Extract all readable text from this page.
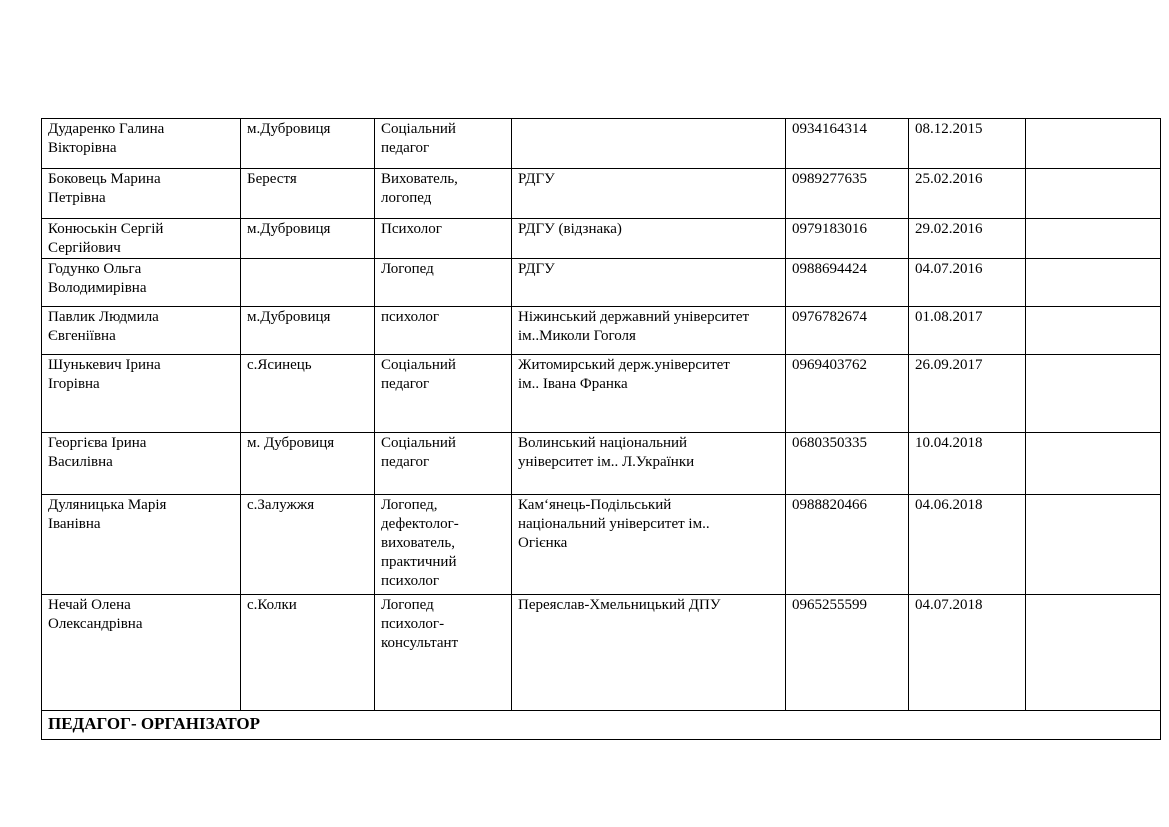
Дударенко Галина
Вікторівна	м.Дубровиця	Соціальний
педагог		0934164314	08.12.2015	
Боковець Марина
Петрівна	Берестя	Вихователь,
логопед	РДГУ	0989277635	25.02.2016	
Конюськін Сергій
Сергійович	м.Дубровиця	Психолог	РДГУ (відзнака)	0979183016	29.02.2016	
Годунко Ольга
Володимирівна		Логопед	РДГУ	0988694424	04.07.2016	
Павлик Людмила
Євгеніївна	м.Дубровиця	психолог	Ніжинський державний університет
ім..Миколи Гоголя	0976782674	01.08.2017	
Шунькевич Ірина
Ігорівна	с.Ясинець	Соціальний
педагог	Житомирський держ.університет
ім.. Івана Франка	0969403762	26.09.2017	
Георгієва Ірина
Василівна	м. Дубровиця	Соціальний
педагог	Волинський національний
університет ім.. Л.Українки	0680350335	10.04.2018	
Дуляницька Марія
Іванівна	с.Залужжя	Логопед,
дефектолог-
вихователь,
практичний
психолог	Кам‘янець-Подільський
національний університет ім..
Огієнка	0988820466	04.06.2018	
Нечай Олена
Олександрівна	с.Колки	Логопед
психолог-
консультант	Переяслав-Хмельницький ДПУ	0965255599	04.07.2018	
ПЕДАГОГ- ОРГАНІЗАТОР						
